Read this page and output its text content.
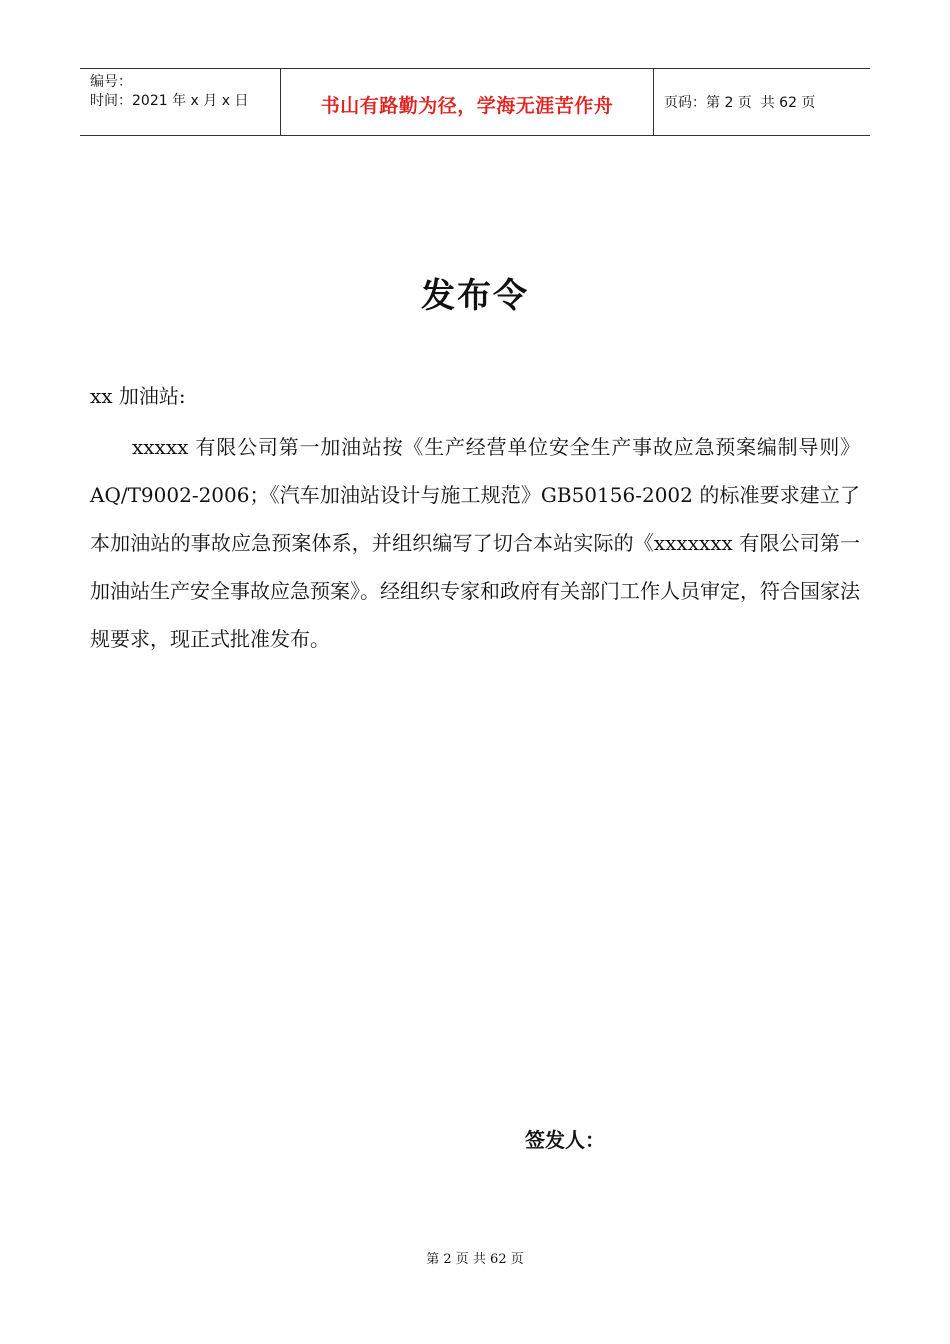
编号：
时间：2021 年 x 月 x 日	书山有路勤为径，学海无涯苦作舟	页码：第 2 页  共 62 页
发布令
xx 加油站:

xxxxx 有限公司第一加油站按《生产经营单位安全生产事故应急预案编制导则》AQ/T9002-2006；《汽车加油站设计与施工规范》GB50156-2002 的标准要求建立了本加油站的事故应急预案体系，并组织编写了切合本站实际的《xxxxxxx 有限公司第一加油站生产安全事故应急预案》。经组织专家和政府有关部门工作人员审定，符合国家法规要求，现正式批准发布。

签发人：
第 2 页 共 62 页
